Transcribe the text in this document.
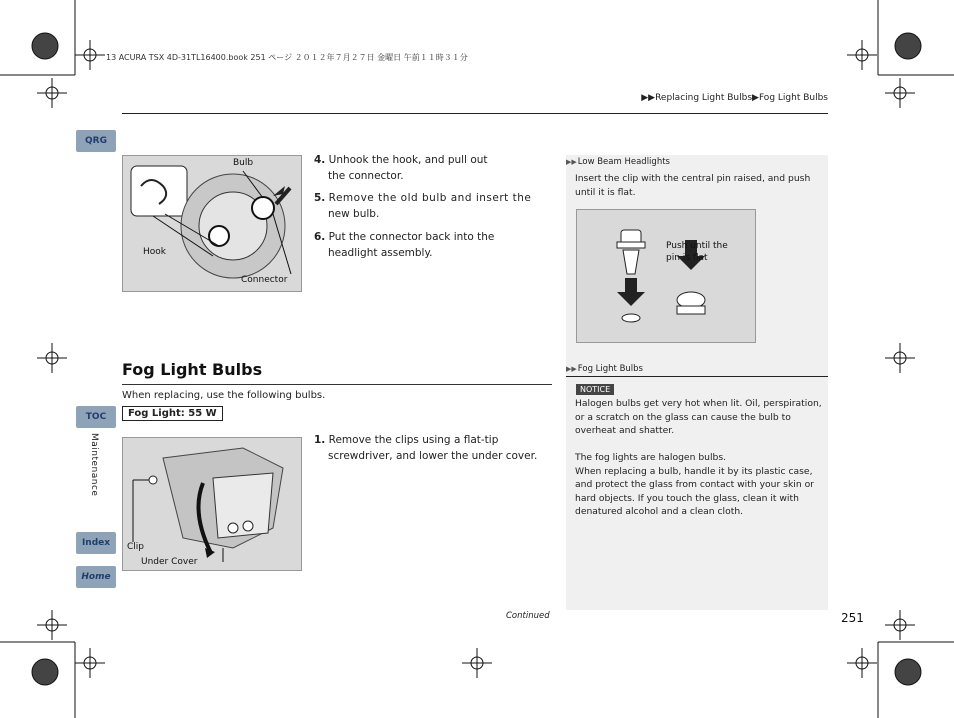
13 ACURA TSX 4D-31TL16400.book 251 ページ ２０１２年７月２７日 金曜日 午前１１時３１分
▶▶Replacing Light Bulbs▶Fog Light Bulbs
QRG
TOC
Maintenance
Index
Home
Bulb
Hook
Connector
4. Unhook the hook, and pull out
the connector.
5. Remove the old bulb and insert the
new bulb.
6. Put the connector back into the
headlight assembly.
Fog Light Bulbs
When replacing, use the following bulbs.
Fog Light: 55 W
Clip
Under Cover
1. Remove the clips using a flat-tip
screwdriver, and lower the under cover.
▶▶Low Beam Headlights
Insert the clip with the central pin raised, and push
until it is flat.
Push until the
pin is flat
▶▶Fog Light Bulbs
NOTICE
Halogen bulbs get very hot when lit. Oil, perspiration,
or a scratch on the glass can cause the bulb to
overheat and shatter.
The fog lights are halogen bulbs.
When replacing a bulb, handle it by its plastic case,
and protect the glass from contact with your skin or
hard objects. If you touch the glass, clean it with
denatured alcohol and a clean cloth.
Continued	251
